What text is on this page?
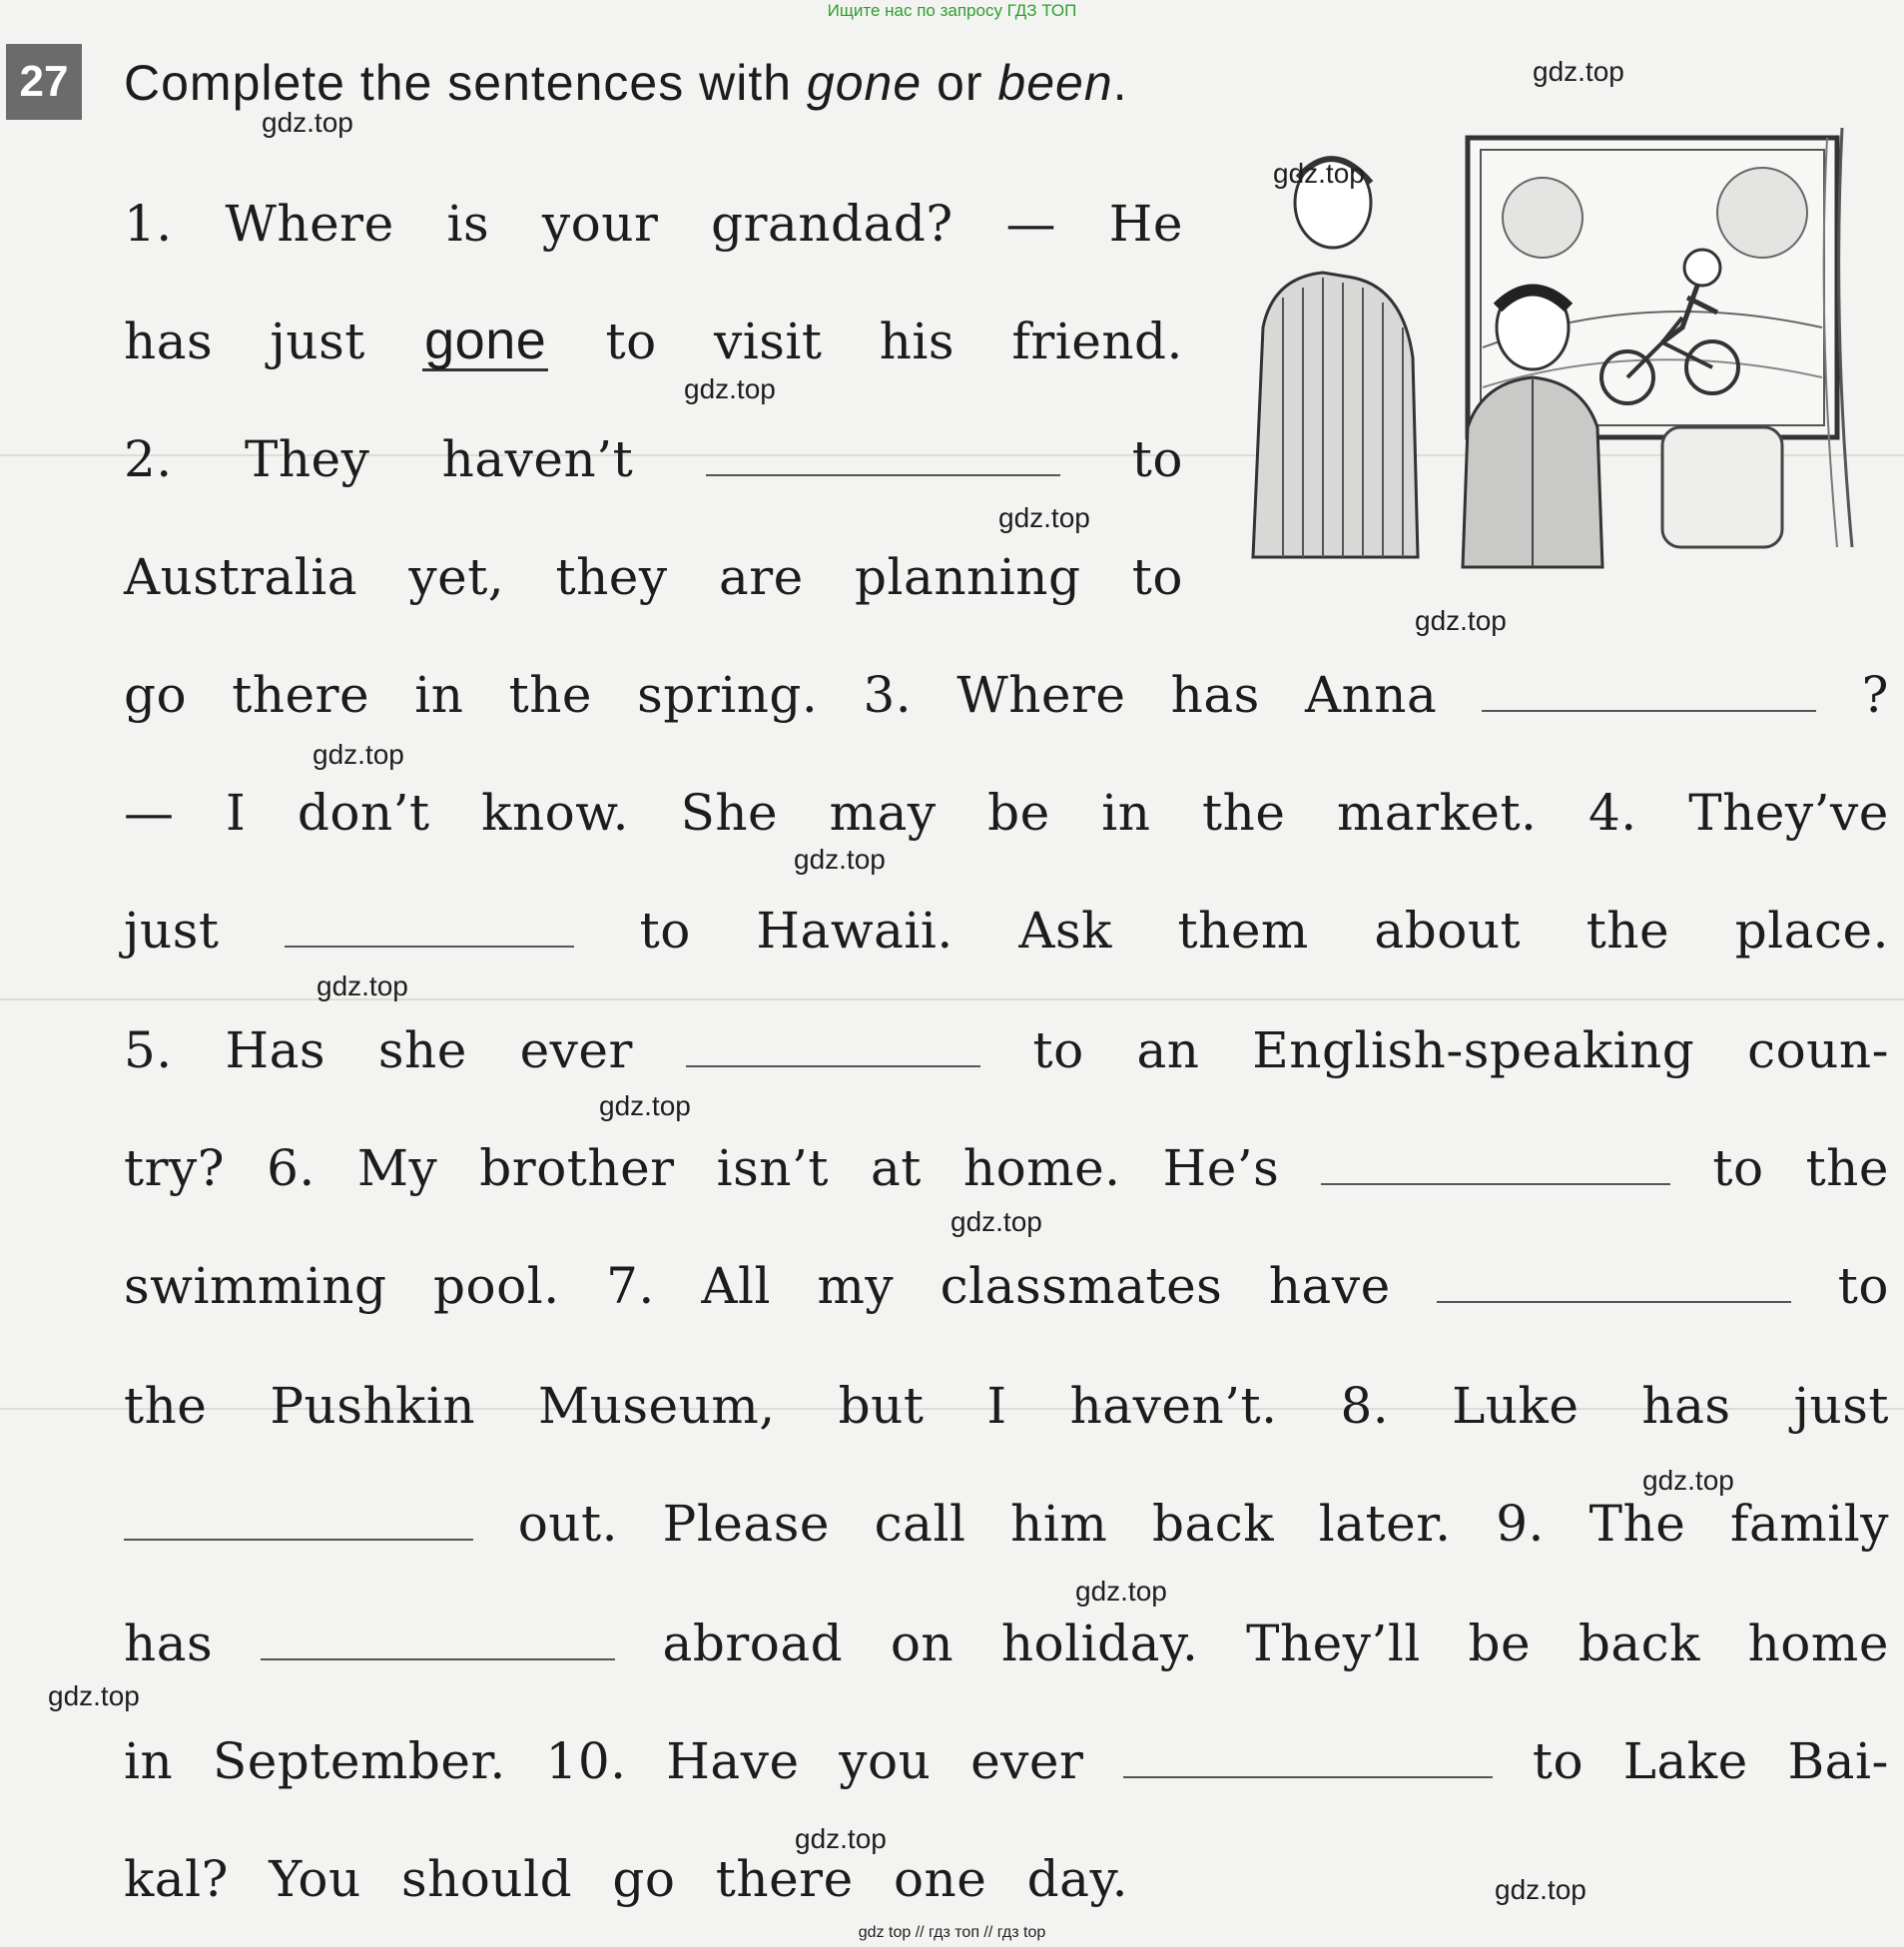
Ищите нас по запросу ГДЗ ТОП
27 Complete the sentences with gone or been.
1. Where is your grandad? — He
has just gone to visit his friend.
2. They haven’t	to
Australia yet, they are planning to
go there in the spring. 3. Where has Anna	?
— I don’t know. She may be in the market. 4. They’ve
just	to Hawaii. Ask them about the place.
5. Has she ever	to an English-speaking coun-
try? 6. My brother isn’t at home. He’s	to the
swimming pool. 7. All my classmates have	to
the Pushkin Museum, but I haven’t. 8. Luke has just
out. Please call him back later. 9. The family
has	abroad on holiday. They’ll be back home
in September. 10. Have you ever	to Lake Bai-
kal? You should go there one day.
gdz.top
gdz.top
gdz.top
gdz.top
gdz.top
gdz.top
gdz.top
gdz.top
gdz.top
gdz.top
gdz.top
gdz.top
gdz.top
gdz.top
gdz.top
gdz.top
gdz top // гдз топ // гдз top
